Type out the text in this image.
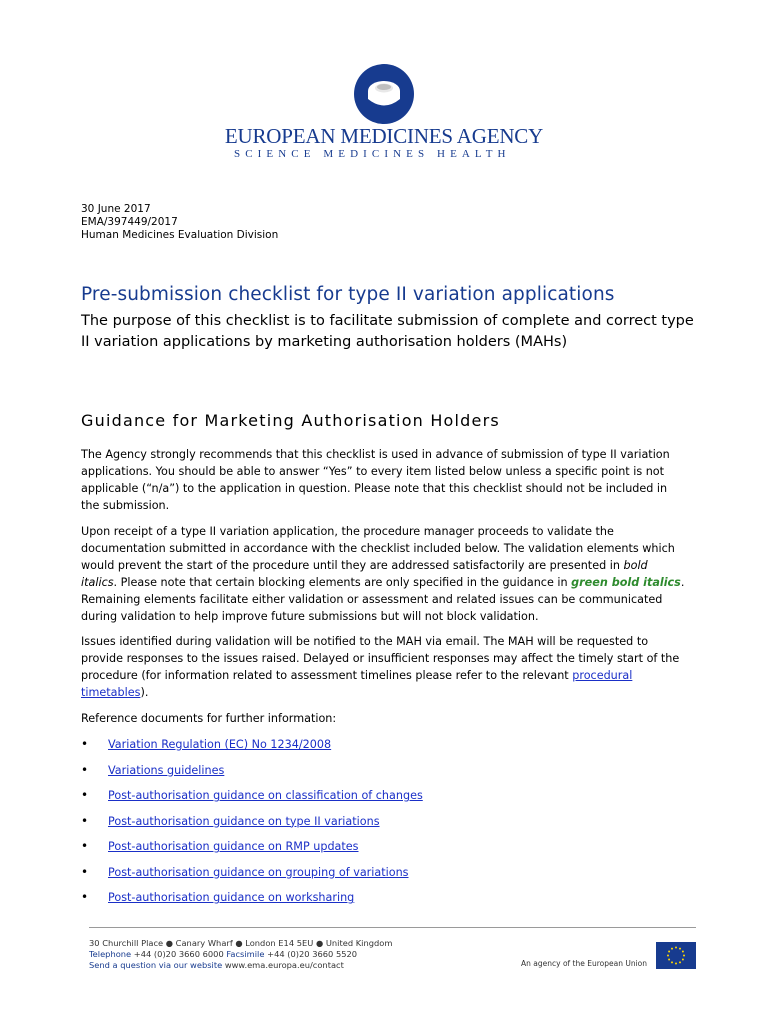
EUROPEAN MEDICINES AGENCY
SCIENCE MEDICINES HEALTH
30 June 2017
EMA/397449/2017
Human Medicines Evaluation Division
Pre-submission checklist for type II variation applications
The purpose of this checklist is to facilitate submission of complete and correct type II variation applications by marketing authorisation holders (MAHs)
Guidance for Marketing Authorisation Holders

The Agency strongly recommends that this checklist is used in advance of submission of type II variation applications. You should be able to answer “Yes” to every item listed below unless a specific point is not applicable (“n/a”) to the application in question. Please note that this checklist should not be included in the submission.

Upon receipt of a type II variation application, the procedure manager proceeds to validate the documentation submitted in accordance with the checklist included below. The validation elements which would prevent the start of the procedure until they are addressed satisfactorily are presented in bold italics. Please note that certain blocking elements are only specified in the guidance in green bold italics. Remaining elements facilitate either validation or assessment and related issues can be communicated during validation to help improve future submissions but will not block validation.

Issues identified during validation will be notified to the MAH via email. The MAH will be requested to provide responses to the issues raised. Delayed or insufficient responses may affect the timely start of the procedure (for information related to assessment timelines please refer to the relevant procedural timetables).

Reference documents for further information:

• Variation Regulation (EC) No 1234/2008
• Variations guidelines
• Post-authorisation guidance on classification of changes
• Post-authorisation guidance on type II variations
• Post-authorisation guidance on RMP updates
• Post-authorisation guidance on grouping of variations
• Post-authorisation guidance on worksharing
30 Churchill Place ● Canary Wharf ● London E14 5EU ● United Kingdom
Telephone +44 (0)20 3660 6000 Facsimile +44 (0)20 3660 5520
Send a question via our website www.ema.europa.eu/contact	An agency of the European Union
